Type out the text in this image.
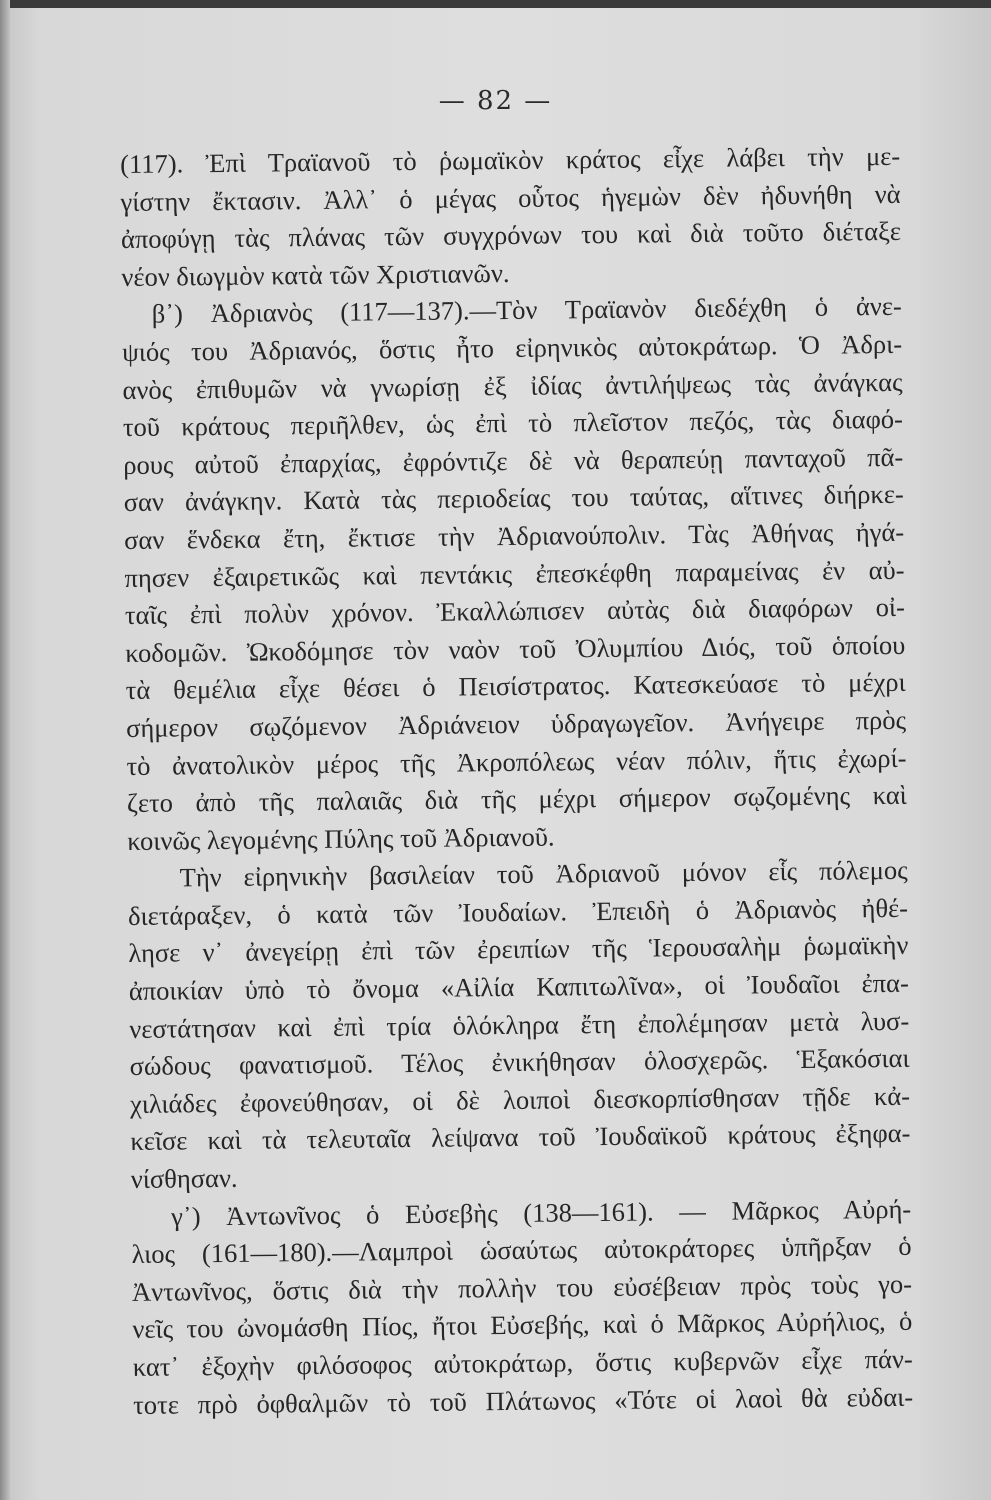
— 82 —
(117). Ἐπὶ Τραϊανοῦ τὸ ῥωμαϊκὸν κράτος εἶχε λάβει τὴν με-
γίστην ἔκτασιν. Ἀλλ᾽ ὁ μέγας οὗτος ἡγεμὼν δὲν ἠδυνήθη νὰ
ἀποφύγῃ τὰς πλάνας τῶν συγχρόνων του καὶ διὰ τοῦτο διέταξε
νέον διωγμὸν κατὰ τῶν Χριστιανῶν.
β᾽) Ἀδριανὸς (117—137).—Τὸν Τραϊανὸν διεδέχθη ὁ ἀνε-
ψιός του Ἀδριανός, ὅστις ἦτο εἰρηνικὸς αὐτοκράτωρ. Ὁ Ἀδρι-
ανὸς ἐπιθυμῶν νὰ γνωρίσῃ ἐξ ἰδίας ἀντιλήψεως τὰς ἀνάγκας
τοῦ κράτους περιῆλθεν, ὡς ἐπὶ τὸ πλεῖστον πεζός, τὰς διαφό-
ρους αὐτοῦ ἐπαρχίας, ἐφρόντιζε δὲ νὰ θεραπεύῃ πανταχοῦ πᾶ-
σαν ἀνάγκην. Κατὰ τὰς περιοδείας του ταύτας, αἵτινες διήρκε-
σαν ἕνδεκα ἔτη, ἔκτισε τὴν Ἀδριανούπολιν. Τὰς Ἀθήνας ἠγά-
πησεν ἐξαιρετικῶς καὶ πεντάκις ἐπεσκέφθη παραμείνας ἐν αὐ-
ταῖς ἐπὶ πολὺν χρόνον. Ἐκαλλώπισεν αὐτὰς διὰ διαφόρων οἰ-
κοδομῶν. Ὠκοδόμησε τὸν ναὸν τοῦ Ὀλυμπίου Διός, τοῦ ὁποίου
τὰ θεμέλια εἶχε θέσει ὁ Πεισίστρατος. Κατεσκεύασε τὸ μέχρι
σήμερον σῳζόμενον Ἀδριάνειον ὑδραγωγεῖον. Ἀνήγειρε πρὸς
τὸ ἀνατολικὸν μέρος τῆς Ἀκροπόλεως νέαν πόλιν, ἥτις ἐχωρί-
ζετο ἀπὸ τῆς παλαιᾶς διὰ τῆς μέχρι σήμερον σῳζομένης καὶ
κοινῶς λεγομένης Πύλης τοῦ Ἀδριανοῦ.
Τὴν εἰρηνικὴν βασιλείαν τοῦ Ἀδριανοῦ μόνον εἷς πόλεμος
διετάραξεν, ὁ κατὰ τῶν Ἰουδαίων. Ἐπειδὴ ὁ Ἀδριανὸς ἠθέ-
λησε ν᾽ ἀνεγείρῃ ἐπὶ τῶν ἐρειπίων τῆς Ἱερουσαλὴμ ῥωμαϊκὴν
ἀποικίαν ὑπὸ τὸ ὄνομα «Αἰλία Καπιτωλῖνα», οἱ Ἰουδαῖοι ἐπα-
νεστάτησαν καὶ ἐπὶ τρία ὁλόκληρα ἔτη ἐπολέμησαν μετὰ λυσ-
σώδους φανατισμοῦ. Τέλος ἐνικήθησαν ὁλοσχερῶς. Ἑξακόσιαι
χιλιάδες ἐφονεύθησαν, οἱ δὲ λοιποὶ διεσκορπίσθησαν τῇδε κἀ-
κεῖσε καὶ τὰ τελευταῖα λείψανα τοῦ Ἰουδαϊκοῦ κράτους ἐξηφα-
νίσθησαν.
γ᾽) Ἀντωνῖνος ὁ Εὐσεβὴς (138—161). — Μᾶρκος Αὐρή-
λιος (161—180).—Λαμπροὶ ὡσαύτως αὐτοκράτορες ὑπῆρξαν ὁ
Ἀντωνῖνος, ὅστις διὰ τὴν πολλὴν του εὐσέβειαν πρὸς τοὺς γο-
νεῖς του ὠνομάσθη Πίος, ἤτοι Εὐσεβής, καὶ ὁ Μᾶρκος Αὐρήλιος, ὁ
κατ᾽ ἐξοχὴν φιλόσοφος αὐτοκράτωρ, ὅστις κυβερνῶν εἶχε πάν-
τοτε πρὸ ὀφθαλμῶν τὸ τοῦ Πλάτωνος «Τότε οἱ λαοὶ θὰ εὐδαι-
